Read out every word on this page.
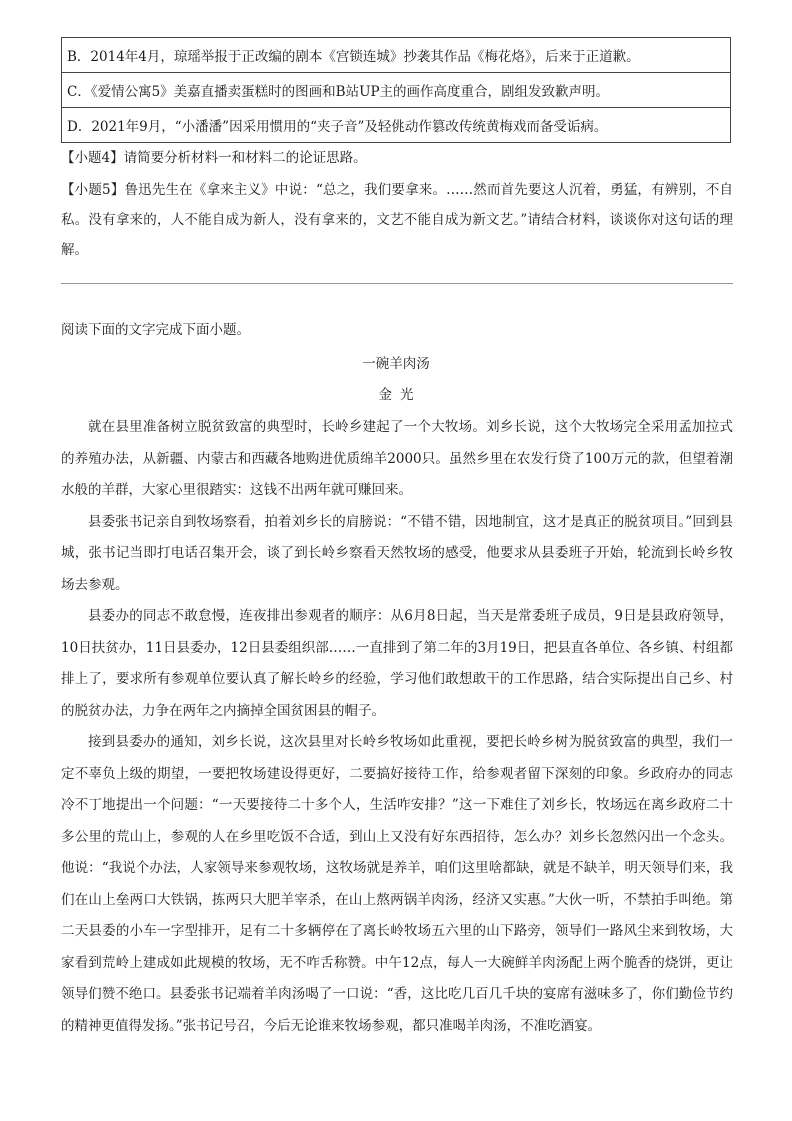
B．2014年4月，琼瑶举报于正改编的剧本《宫锁连城》抄袭其作品《梅花烙》，后来于正道歉。
C．《爱情公寓5》美嘉直播卖蛋糕时的图画和B站UP主的画作高度重合，剧组发致歉声明。
D．2021年9月，“小潘潘”因采用惯用的“夹子音”及轻佻动作篡改传统黄梅戏而备受诟病。
【小题4】请简要分析材料一和材料二的论证思路。
【小题5】鲁迅先生在《拿来主义》中说：“总之，我们要拿来。……然而首先要这人沉着，勇猛，有辨别，不自私。没有拿来的，人不能自成为新人，没有拿来的，文艺不能自成为新文艺。”请结合材料，谈谈你对这句话的理解。
阅读下面的文字完成下面小题。
一碗羊肉汤
金光

就在县里准备树立脱贫致富的典型时，长岭乡建起了一个大牧场。刘乡长说，这个大牧场完全采用孟加拉式的养殖办法，从新疆、内蒙古和西藏各地购进优质绵羊2000只。虽然乡里在农发行贷了100万元的款，但望着潮水般的羊群，大家心里很踏实：这钱不出两年就可赚回来。

县委张书记亲自到牧场察看，拍着刘乡长的肩膀说：“不错不错，因地制宜，这才是真正的脱贫项目。”回到县城，张书记当即打电话召集开会，谈了到长岭乡察看天然牧场的感受，他要求从县委班子开始，轮流到长岭乡牧场去参观。

县委办的同志不敢怠慢，连夜排出参观者的顺序：从6月8日起，当天是常委班子成员，9日是县政府领导，10日扶贫办，11日县委办，12日县委组织部……一直排到了第二年的3月19日，把县直各单位、各乡镇、村组都排上了，要求所有参观单位要认真了解长岭乡的经验，学习他们敢想敢干的工作思路，结合实际提出自己乡、村的脱贫办法，力争在两年之内摘掉全国贫困县的帽子。

接到县委办的通知，刘乡长说，这次县里对长岭乡牧场如此重视，要把长岭乡树为脱贫致富的典型，我们一定不辜负上级的期望，一要把牧场建设得更好，二要搞好接待工作，给参观者留下深刻的印象。乡政府办的同志冷不丁地提出一个问题：“一天要接待二十多个人，生活咋安排？”这一下难住了刘乡长，牧场远在离乡政府二十多公里的荒山上，参观的人在乡里吃饭不合适，到山上又没有好东西招待，怎么办？刘乡长忽然闪出一个念头。他说：“我说个办法，人家领导来参观牧场，这牧场就是养羊，咱们这里啥都缺，就是不缺羊，明天领导们来，我们在山上垒两口大铁锅，拣两只大肥羊宰杀，在山上熬两锅羊肉汤，经济又实惠。”大伙一听，不禁拍手叫绝。第二天县委的小车一字型排开，足有二十多辆停在了离长岭牧场五六里的山下路旁，领导们一路风尘来到牧场，大家看到荒岭上建成如此规模的牧场，无不咋舌称赞。中午12点，每人一大碗鲜羊肉汤配上两个脆香的烧饼，更让领导们赞不绝口。县委张书记端着羊肉汤喝了一口说：“香，这比吃几百几千块的宴席有滋味多了，你们勤俭节约的精神更值得发扬。”张书记号召，今后无论谁来牧场参观，都只准喝羊肉汤，不准吃酒宴。
